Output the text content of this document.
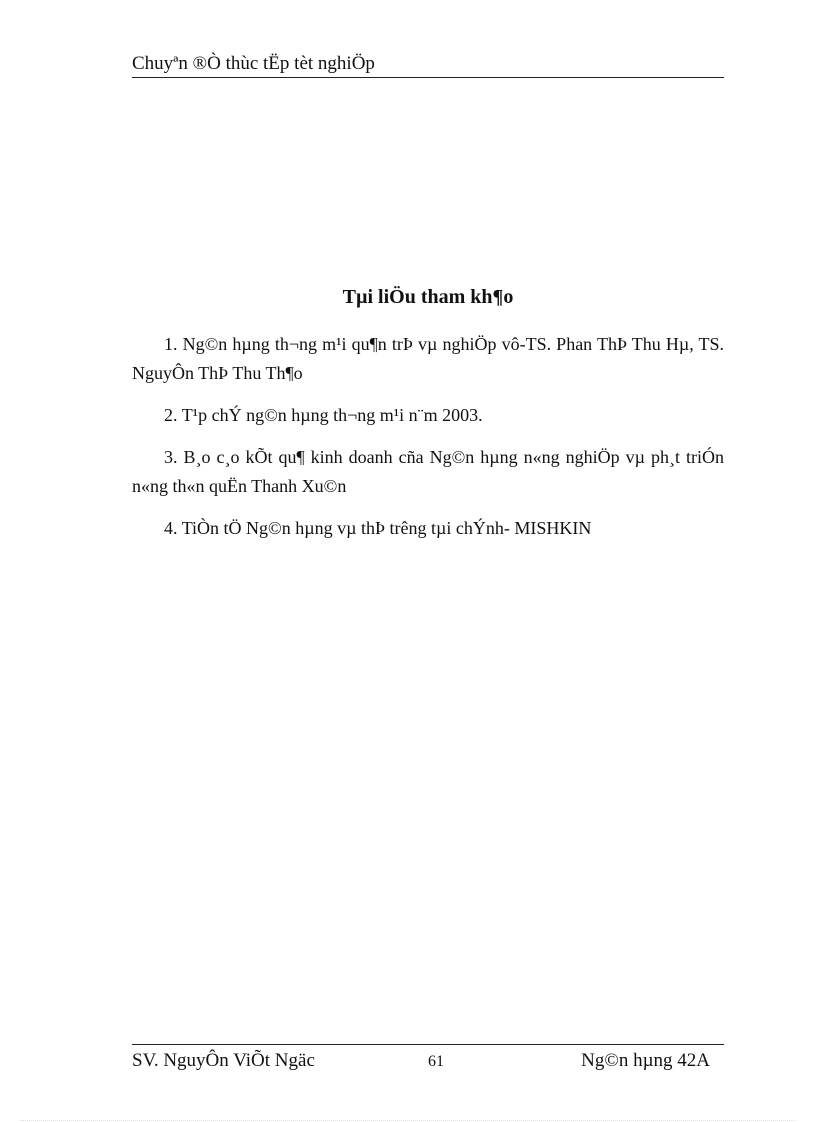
Chuyªn ®Ò thùc tËp tèt nghiÖp
Tµi liÖu tham kh¶o

1. Ng©n hµng th¬ng m¹i qu¶n trÞ vµ nghiÖp vô-TS. Phan ThÞ Thu Hµ, TS. NguyÔn ThÞ Thu Th¶o

2. T¹p chÝ ng©n hµng th¬ng m¹i n¨m 2003.

3. B¸o c¸o kÕt qu¶ kinh doanh cña Ng©n hµng n«ng nghiÖp vµ ph¸t triÓn n«ng th«n quËn Thanh Xu©n

4. TiÒn tÖ Ng©n hµng vµ thÞ trêng tµi chÝnh- MISHKIN

SV. NguyÔn ViÕt Ngäc	61	Ng©n hµng 42A
